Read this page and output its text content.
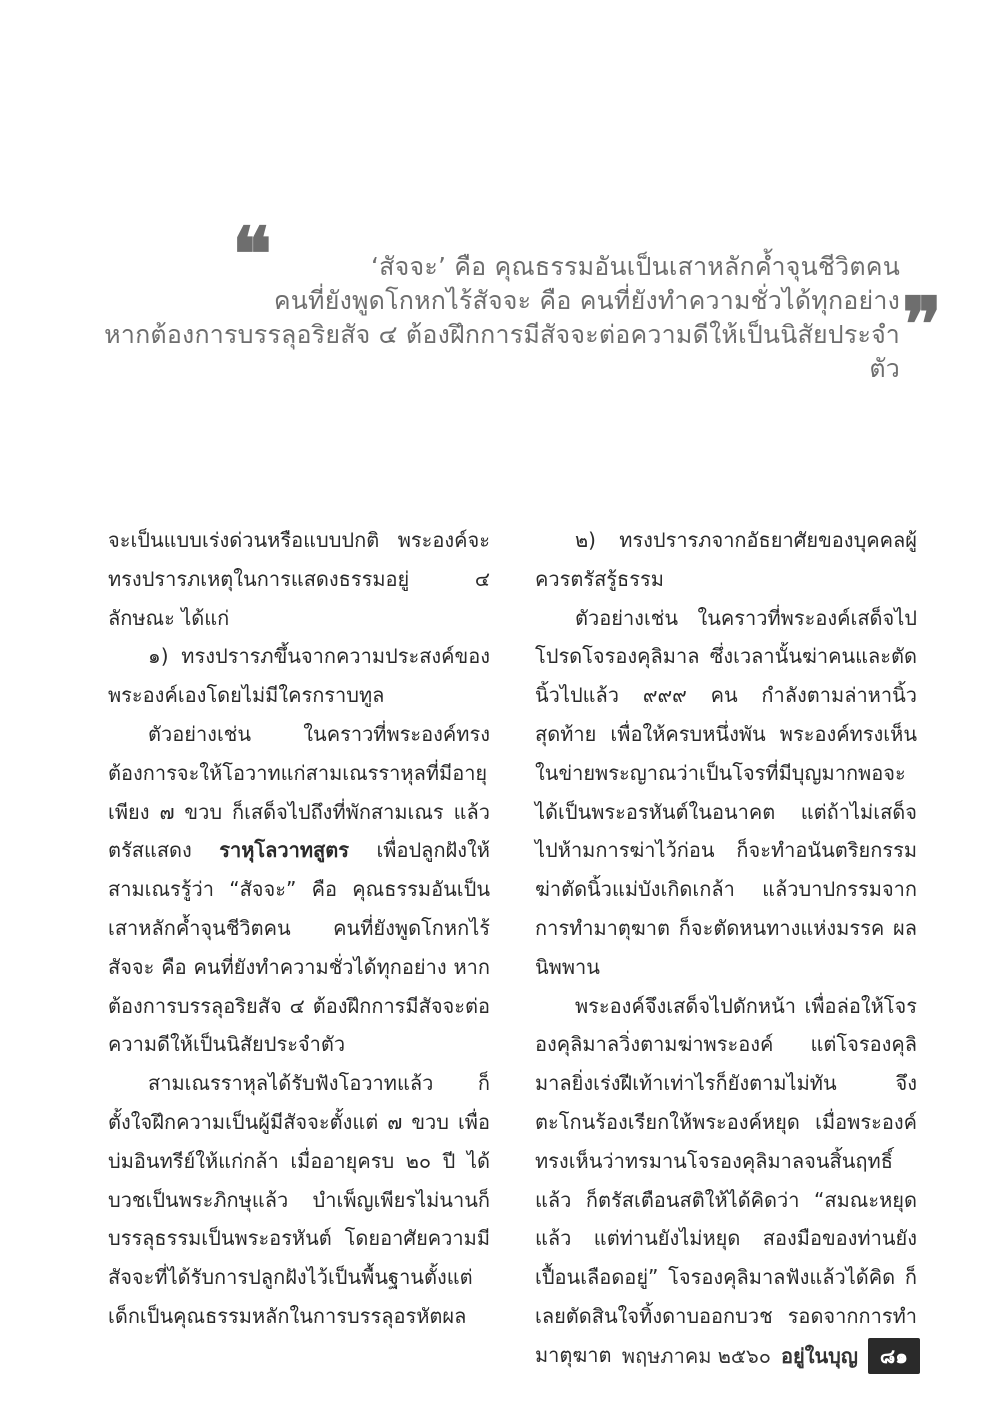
❝	‘สัจจะ’ คือ คุณธรรมอันเป็นเสาหลักค้ำจุนชีวิตคน
คนที่ยังพูดโกหกไร้สัจจะ คือ คนที่ยังทำความชั่วได้ทุกอย่าง
หากต้องการบรรลุอริยสัจ ๔ ต้องฝึกการมีสัจจะต่อความดีให้เป็นนิสัยประจำตัว
❞

จะเป็นแบบเร่งด่วนหรือแบบปกติ พระองค์จะทรงปรารภเหตุในการแสดงธรรมอยู่ ๔ ลักษณะ ได้แก่

๑) ทรงปรารภขึ้นจากความประสงค์ของพระองค์เองโดยไม่มีใครกราบทูล

ตัวอย่างเช่น ในคราวที่พระองค์ทรงต้องการจะให้โอวาทแก่สามเณรราหุลที่มีอายุเพียง ๗ ขวบ ก็เสด็จไปถึงที่พักสามเณร แล้วตรัสแสดง ราหุโลวาทสูตร เพื่อปลูกฝังให้สามเณรรู้ว่า “สัจจะ” คือ คุณธรรมอันเป็นเสาหลักค้ำจุนชีวิตคน คนที่ยังพูดโกหกไร้สัจจะ คือ คนที่ยังทำความชั่วได้ทุกอย่าง หากต้องการบรรลุอริยสัจ ๔ ต้องฝึกการมีสัจจะต่อความดีให้เป็นนิสัยประจำตัว

สามเณรราหุลได้รับฟังโอวาทแล้ว ก็ตั้งใจฝึกความเป็นผู้มีสัจจะตั้งแต่ ๗ ขวบ เพื่อบ่มอินทรีย์ให้แก่กล้า เมื่ออายุครบ ๒๐ ปี ได้บวชเป็นพระภิกษุแล้ว บำเพ็ญเพียรไม่นานก็บรรลุธรรมเป็นพระอรหันต์ โดยอาศัยความมีสัจจะที่ได้รับการปลูกฝังไว้เป็นพื้นฐานตั้งแต่เด็กเป็นคุณธรรมหลักในการบรรลุอรหัตผล

๒) ทรงปรารภจากอัธยาศัยของบุคคลผู้ควรตรัสรู้ธรรม

ตัวอย่างเช่น ในคราวที่พระองค์เสด็จไปโปรดโจรองคุลิมาล ซึ่งเวลานั้นฆ่าคนและตัดนิ้วไปแล้ว ๙๙๙ คน กำลังตามล่าหานิ้วสุดท้าย เพื่อให้ครบหนึ่งพัน พระองค์ทรงเห็นในข่ายพระญาณว่าเป็นโจรที่มีบุญมากพอจะได้เป็นพระอรหันต์ในอนาคต แต่ถ้าไม่เสด็จไปห้ามการฆ่าไว้ก่อน ก็จะทำอนันตริยกรรม ฆ่าตัดนิ้วแม่บังเกิดเกล้า แล้วบาปกรรมจากการทำมาตุฆาต ก็จะตัดหนทางแห่งมรรค ผล นิพพาน

พระองค์จึงเสด็จไปดักหน้า เพื่อล่อให้โจรองคุลิมาลวิ่งตามฆ่าพระองค์ แต่โจรองคุลิมาลยิ่งเร่งฝีเท้าเท่าไรก็ยังตามไม่ทัน จึงตะโกนร้องเรียกให้พระองค์หยุด เมื่อพระองค์ทรงเห็นว่าทรมานโจรองคุลิมาลจนสิ้นฤทธิ์แล้ว ก็ตรัสเตือนสติให้ได้คิดว่า “สมณะหยุดแล้ว แต่ท่านยังไม่หยุด สองมือของท่านยังเปื้อนเลือดอยู่” โจรองคุลิมาลฟังแล้วได้คิด ก็เลยตัดสินใจทิ้งดาบออกบวช รอดจากการทำมาตุฆาต พฤษภาคม ๒๕๖๐ อยู่ในบุญ	๘๑
